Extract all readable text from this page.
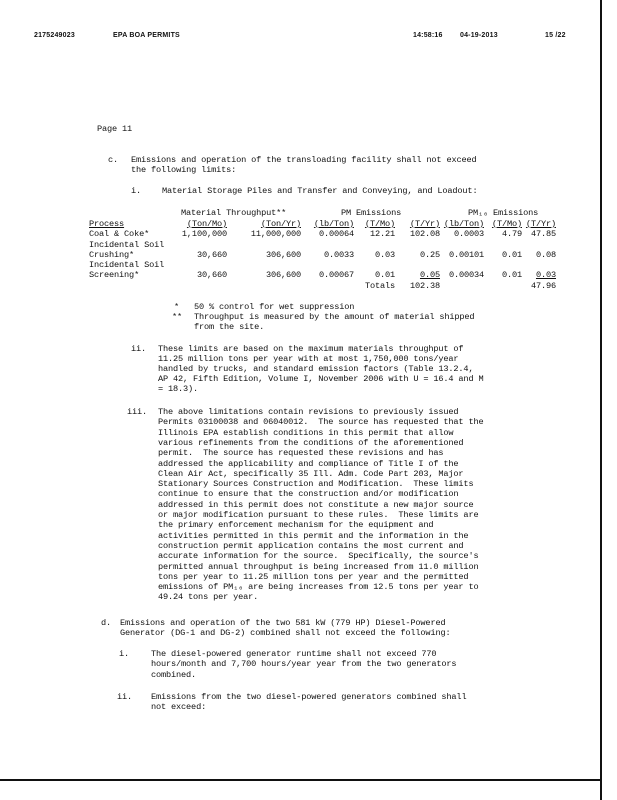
2175249023	EPA BOA PERMITS	14:58:16 04-19-2013	15 /22
Page 11
c. Emissions and operation of the transloading facility shall not exceed
the following limits:
i. Material Storage Piles and Transfer and Conveying, and Loadout:
Material Throughput**	PM Emissions	PM₁₀ Emissions
Process	(Ton/Mo)	(Ton/Yr)	(lb/Ton)	(T/Mo)	(T/Yr)	(lb/Ton)	(T/Mo)	(T/Yr)
Coal & Coke*	1,100,000	11,000,000	0.00064	12.21	102.08	0.0003	4.79	47.85
Incidental Soil								
Crushing*	30,660	306,600	0.0033	0.03	0.25	0.00101	0.01	0.08
Incidental Soil								
Screening*	30,660	306,600	0.00067	0.01	0.05	0.00034	0.01	0.03
				Totals	102.38			47.96
* 50 % control for wet suppression
** Throughput is measured by the amount of material shipped
from the site.
ii. These limits are based on the maximum materials throughput of
11.25 million tons per year with at most 1,750,000 tons/year
handled by trucks, and standard emission factors (Table 13.2.4,
AP 42, Fifth Edition, Volume I, November 2006 with U = 16.4 and M
= 18.3).
iii. The above limitations contain revisions to previously issued
Permits 03100038 and 06040012.  The source has requested that the
Illinois EPA establish conditions in this permit that allow
various refinements from the conditions of the aforementioned
permit.  The source has requested these revisions and has
addressed the applicability and compliance of Title I of the
Clean Air Act, specifically 35 Ill. Adm. Code Part 203, Major
Stationary Sources Construction and Modification.  These limits
continue to ensure that the construction and/or modification
addressed in this permit does not constitute a new major source
or major modification pursuant to these rules.  These limits are
the primary enforcement mechanism for the equipment and
activities permitted in this permit and the information in the
construction permit application contains the most current and
accurate information for the source.  Specifically, the source's
permitted annual throughput is being increased from 11.0 million
tons per year to 11.25 million tons per year and the permitted
emissions of PM₁₀ are being increases from 12.5 tons per year to
49.24 tons per year.
d. Emissions and operation of the two 581 kW (779 HP) Diesel-Powered
Generator (DG-1 and DG-2) combined shall not exceed the following:
i.	The diesel-powered generator runtime shall not exceed 770
hours/month and 7,700 hours/year year from the two generators
combined.
ii. Emissions from the two diesel-powered generators combined shall
not exceed:
